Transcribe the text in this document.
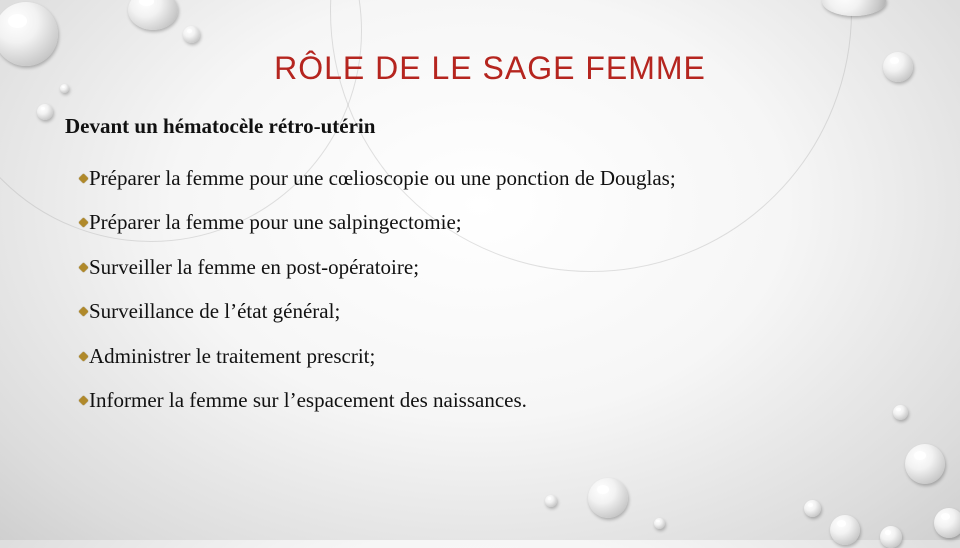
RÔLE DE LE SAGE FEMME
Devant un hématocèle rétro-utérin
Préparer la femme pour une cœlioscopie ou une ponction de Douglas;
Préparer la femme pour une salpingectomie;
Surveiller la femme en post-opératoire;
Surveillance de l’état général;
Administrer le traitement prescrit;
Informer la femme sur l’espacement des naissances.
